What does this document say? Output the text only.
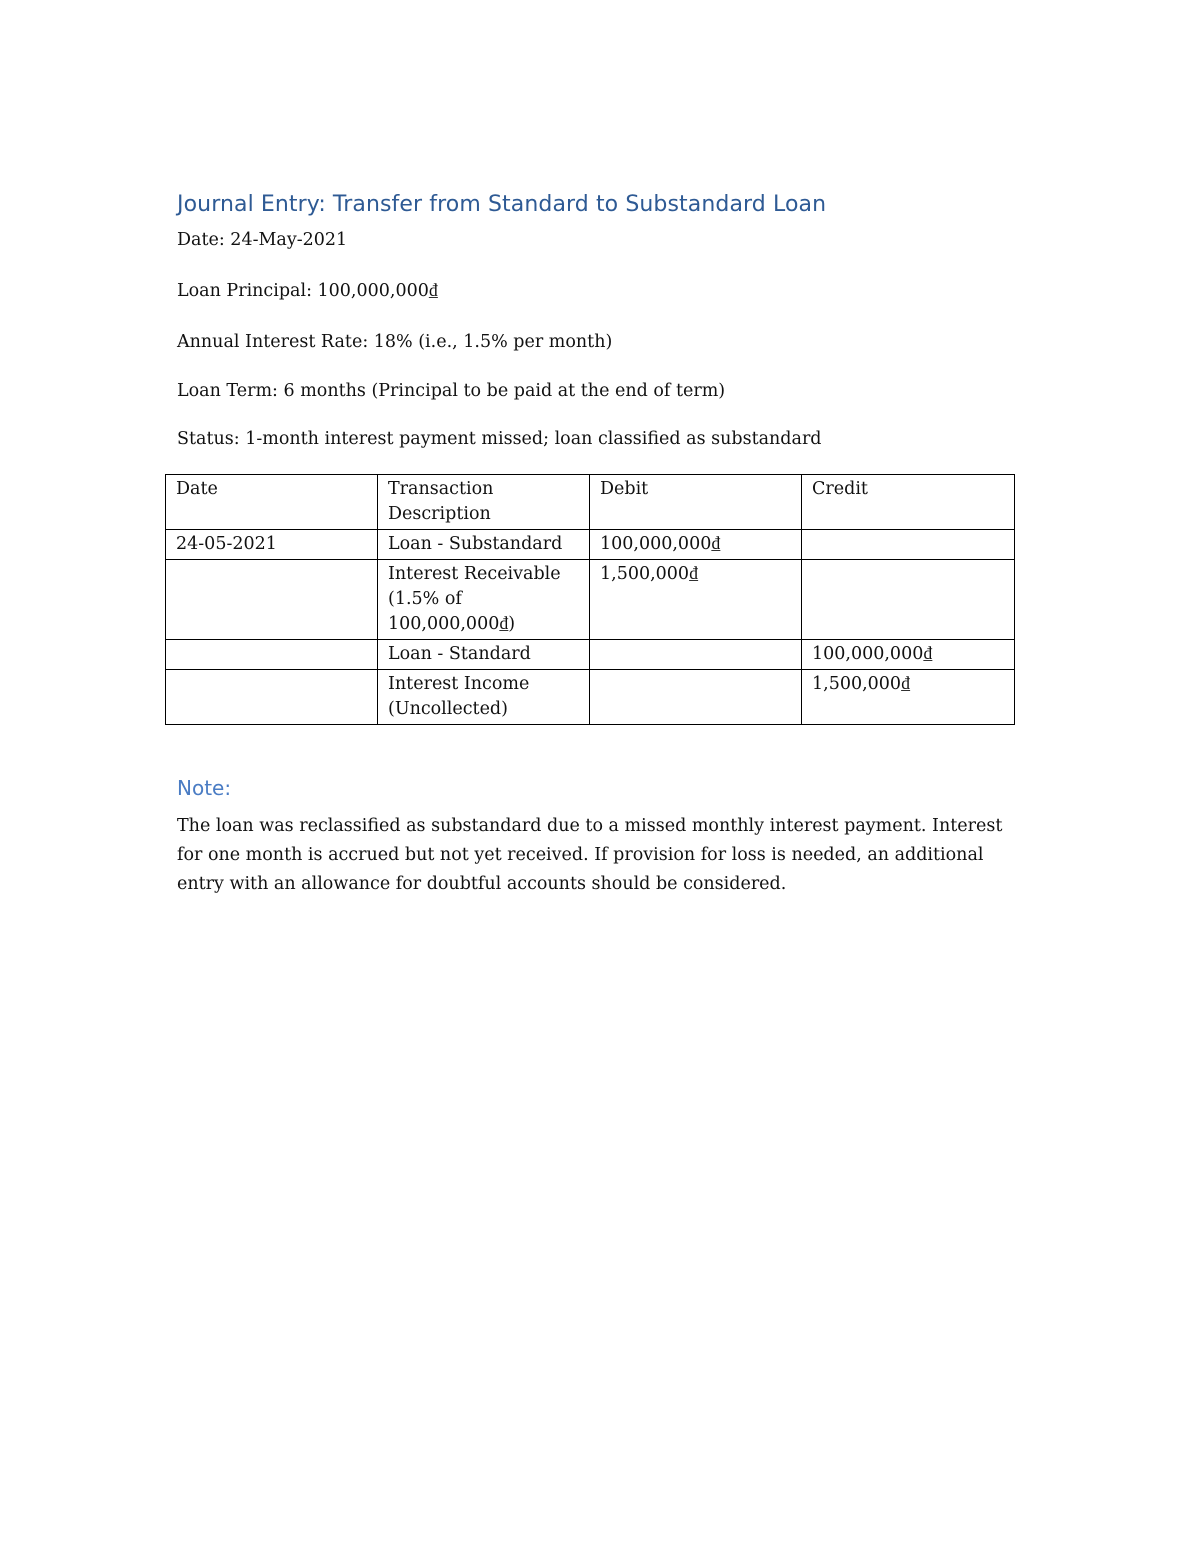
Journal Entry: Transfer from Standard to Substandard Loan
Date: 24-May-2021
Loan Principal: 100,000,000₫
Annual Interest Rate: 18% (i.e., 1.5% per month)
Loan Term: 6 months (Principal to be paid at the end of term)
Status: 1-month interest payment missed; loan classified as substandard
Date	Transaction Description	Debit	Credit
24-05-2021	Loan - Substandard	100,000,000₫	
	Interest Receivable (1.5% of 100,000,000₫)	1,500,000₫	
	Loan - Standard		100,000,000₫
	Interest Income (Uncollected)		1,500,000₫
Note:
The loan was reclassified as substandard due to a missed monthly interest payment. Interest for one month is accrued but not yet received. If provision for loss is needed, an additional entry with an allowance for doubtful accounts should be considered.
